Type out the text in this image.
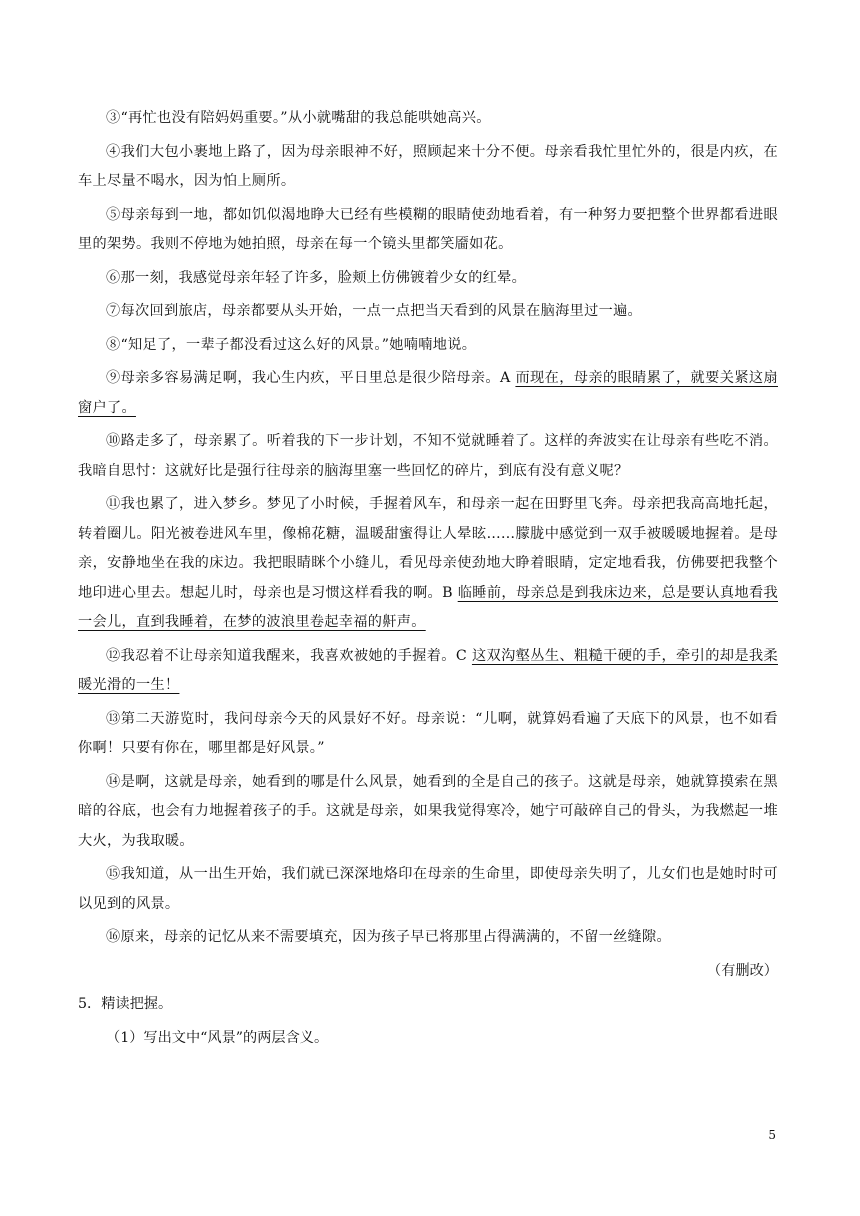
③“再忙也没有陪妈妈重要。”从小就嘴甜的我总能哄她高兴。

④我们大包小裹地上路了，因为母亲眼神不好，照顾起来十分不便。母亲看我忙里忙外的，很是内疚，在车上尽量不喝水，因为怕上厕所。

⑤母亲每到一地，都如饥似渴地睁大已经有些模糊的眼睛使劲地看着，有一种努力要把整个世界都看进眼里的架势。我则不停地为她拍照，母亲在每一个镜头里都笑靥如花。

⑥那一刻，我感觉母亲年轻了许多，脸颊上仿佛镀着少女的红晕。

⑦每次回到旅店，母亲都要从头开始，一点一点把当天看到的风景在脑海里过一遍。

⑧“知足了，一辈子都没看过这么好的风景。”她喃喃地说。

⑨母亲多容易满足啊，我心生内疚，平日里总是很少陪母亲。A 而现在，母亲的眼睛累了，就要关紧这扇窗户了。

⑩路走多了，母亲累了。听着我的下一步计划，不知不觉就睡着了。这样的奔波实在让母亲有些吃不消。我暗自思忖：这就好比是强行往母亲的脑海里塞一些回忆的碎片，到底有没有意义呢？

⑪我也累了，进入梦乡。梦见了小时候，手握着风车，和母亲一起在田野里飞奔。母亲把我高高地托起，转着圈儿。阳光被卷进风车里，像棉花糖，温暖甜蜜得让人晕眩……朦胧中感觉到一双手被暖暖地握着。是母亲，安静地坐在我的床边。我把眼睛眯个小缝儿，看见母亲使劲地大睁着眼睛，定定地看我，仿佛要把我整个地印进心里去。想起儿时，母亲也是习惯这样看我的啊。B 临睡前，母亲总是到我床边来，总是要认真地看我一会儿，直到我睡着，在梦的波浪里卷起幸福的鼾声。

⑫我忍着不让母亲知道我醒来，我喜欢被她的手握着。C 这双沟壑丛生、粗糙干硬的手，牵引的却是我柔暖光滑的一生！

⑬第二天游览时，我问母亲今天的风景好不好。母亲说：“儿啊，就算妈看遍了天底下的风景，也不如看你啊！只要有你在，哪里都是好风景。”

⑭是啊，这就是母亲，她看到的哪是什么风景，她看到的全是自己的孩子。这就是母亲，她就算摸索在黑暗的谷底，也会有力地握着孩子的手。这就是母亲，如果我觉得寒冷，她宁可敲碎自己的骨头，为我燃起一堆大火，为我取暖。

⑮我知道，从一出生开始，我们就已深深地烙印在母亲的生命里，即使母亲失明了，儿女们也是她时时可以见到的风景。

⑯原来，母亲的记忆从来不需要填充，因为孩子早已将那里占得满满的，不留一丝缝隙。

（有删改）

5．精读把握。

（1）写出文中“风景”的两层含义。

5
